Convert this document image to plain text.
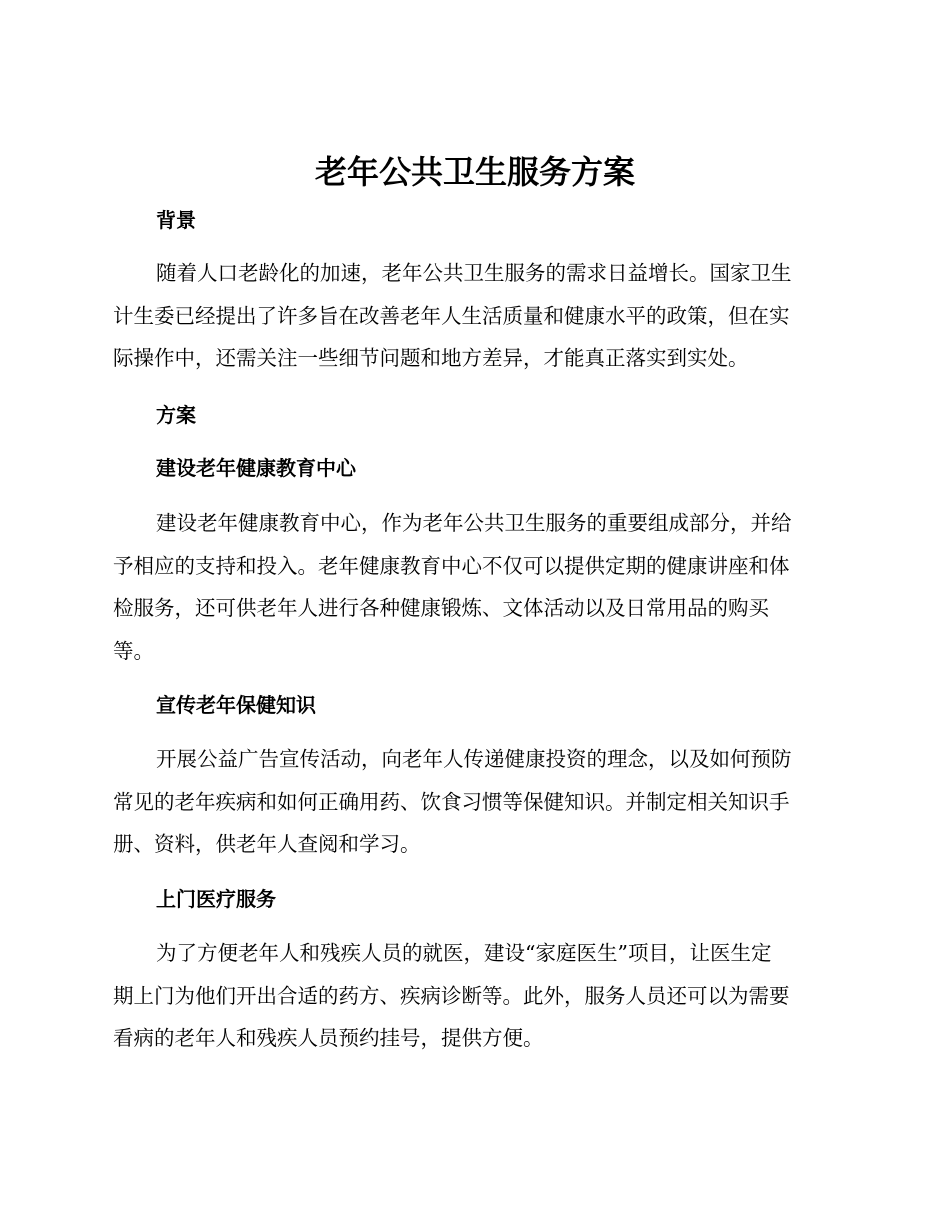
老年公共卫生服务方案
背景
随着人口老龄化的加速，老年公共卫生服务的需求日益增长。国家卫生
计生委已经提出了许多旨在改善老年人生活质量和健康水平的政策，但在实
际操作中，还需关注一些细节问题和地方差异，才能真正落实到实处。
方案
建设老年健康教育中心
建设老年健康教育中心，作为老年公共卫生服务的重要组成部分，并给
予相应的支持和投入。老年健康教育中心不仅可以提供定期的健康讲座和体
检服务，还可供老年人进行各种健康锻炼、文体活动以及日常用品的购买
等。
宣传老年保健知识
开展公益广告宣传活动，向老年人传递健康投资的理念，以及如何预防
常见的老年疾病和如何正确用药、饮食习惯等保健知识。并制定相关知识手
册、资料，供老年人查阅和学习。
上门医疗服务
为了方便老年人和残疾人员的就医，建设“家庭医生”项目，让医生定
期上门为他们开出合适的药方、疾病诊断等。此外，服务人员还可以为需要
看病的老年人和残疾人员预约挂号，提供方便。
